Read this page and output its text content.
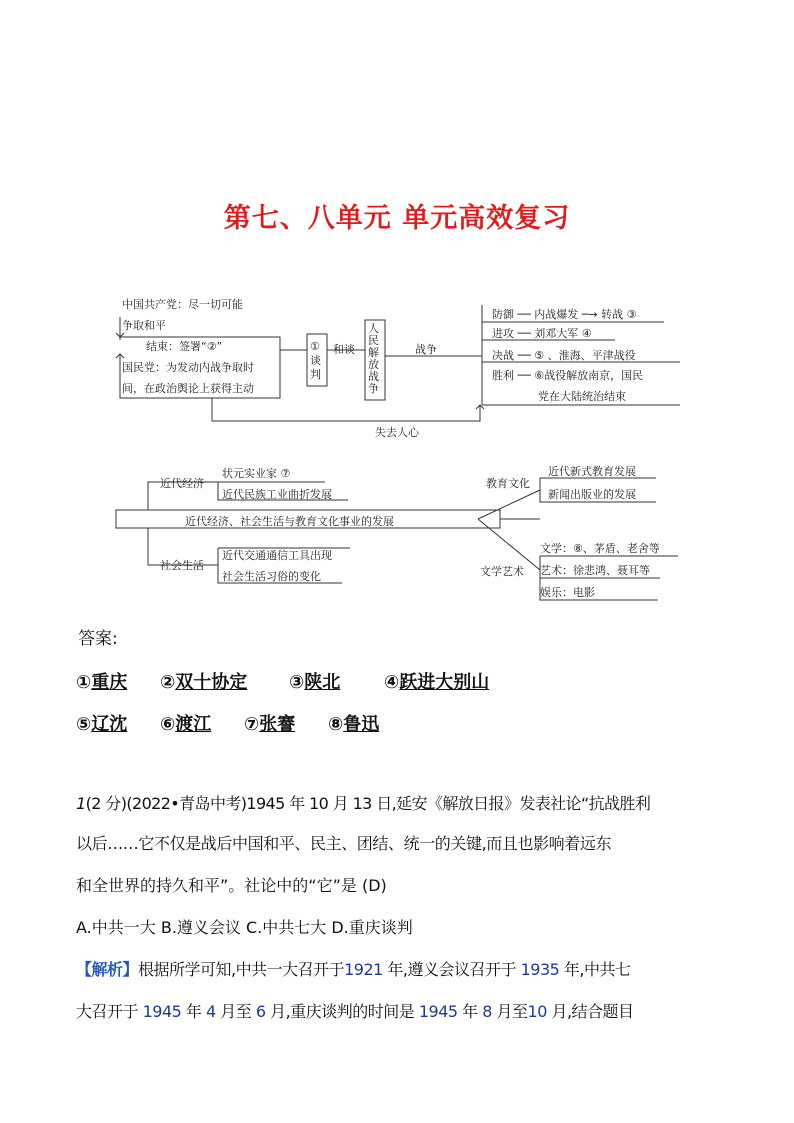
第七、八单元 单元高效复习
中国共产党：尽一切可能
争取和平
结束：签署“②”
国民党：为发动内战争取时
间，在政治舆论上获得主动
①谈判
和谈
人民解放战争
战争
防御 ── 内战爆发 ─→ 转战 ③
进攻 ── 刘邓大军 ④
决战 ── ⑤ 、淮海、平津战役
胜利 ── ⑥战役解放南京，国民
党在大陆统治结束
失去人心
近代经济
状元实业家 ⑦
近代民族工业曲折发展
近代经济、社会生活与教育文化事业的发展
社会生活
近代交通通信工具出现
社会生活习俗的变化
教育文化
近代新式教育发展
新闻出版业的发展
文学艺术
文学：⑧、茅盾、老舍等
艺术：徐悲鸿、聂耳等
娱乐：电影
答案:
①重庆 ②双十协定 ③陕北 ④跃进大别山
⑤辽沈 ⑥渡江 ⑦张謇 ⑧鲁迅
1(2 分)(2022•青岛中考)1945 年 10 月 13 日,延安《解放日报》发表社论“抗战胜利
以后……它不仅是战后中国和平、民主、团结、统一的关键,而且也影响着远东
和全世界的持久和平”。社论中的“它”是 (D)
A.中共一大 B.遵义会议 C.中共七大 D.重庆谈判
【解析】根据所学可知,中共一大召开于1921 年,遵义会议召开于 1935 年,中共七
大召开于 1945 年 4 月至 6 月,重庆谈判的时间是 1945 年 8 月至10 月,结合题目
